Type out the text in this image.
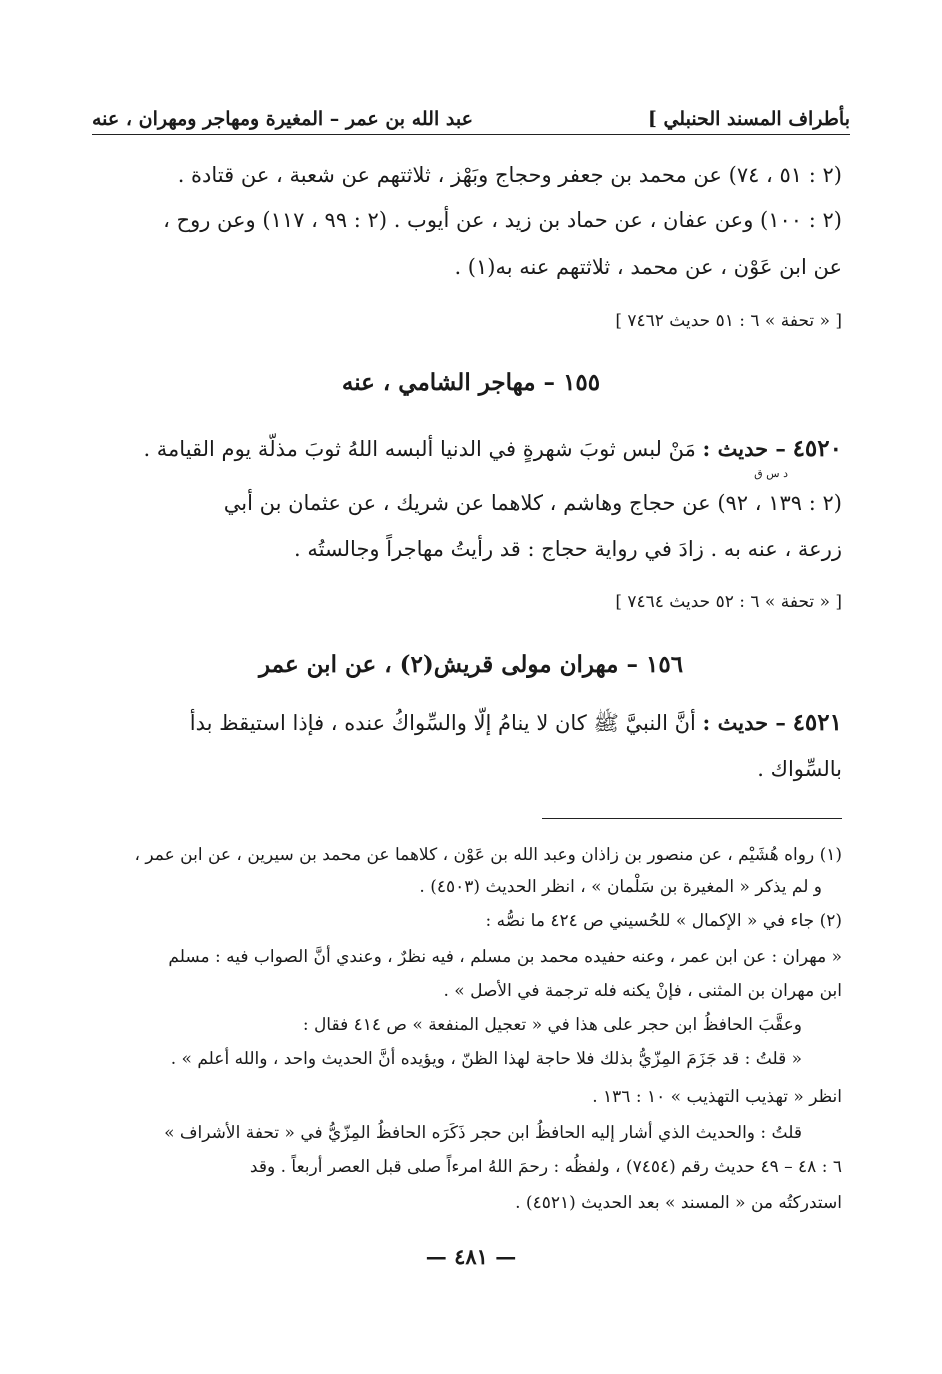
بأطراف المسند الحنبلي ]
عبد الله بن عمر – المغيرة ومهاجر ومهران ، عنه
(٢ : ٥١ ، ٧٤) عن محمد بن جعفر وحجاج وبَهْز ، ثلاثتهم عن شعبة ، عن قتادة .
(٢ : ١٠٠) وعن عفان ، عن حماد بن زيد ، عن أيوب . (٢ : ٩٩ ، ١١٧) وعن روح ،
عن ابن عَوْن ، عن محمد ، ثلاثتهم عنه به(١) .
[ « تحفة » ٦ : ٥١ حديث ٧٤٦٢ ]
١٥٥ – مهاجر الشامي ، عنه
٤٥٢٠ – حديث : مَنْ لبس ثوبَ شهرةٍ في الدنيا ألبسه اللهُ ثوبَ مذلّة يوم القيامة .
د س ق
(٢ : ١٣٩ ، ٩٢) عن حجاج وهاشم ، كلاهما عن شريك ، عن عثمان بن أبي
زرعة ، عنه به . زادَ في رواية حجاج : قد رأيتُ مهاجراً وجالستُه .
[ « تحفة » ٦ : ٥٢ حديث ٧٤٦٤ ]
١٥٦ – مهران مولى قريش(٢) ، عن ابن عمر
٤٥٢١ – حديث : أنَّ النبيَّ ﷺ كان لا ينامُ إلّا والسِّواكُ عنده ، فإذا استيقظ بدأ
بالسِّواك .
(١) رواه هُشَيْم ، عن منصور بن زاذان وعبد الله بن عَوْن ، كلاهما عن محمد بن سيرين ، عن ابن عمر ،
و لم يذكر « المغيرة بن سَلْمان » ، انظر الحديث (٤٥٠٣) .
(٢) جاء في « الإكمال » للحُسيني ص ٤٢٤ ما نصُّه :
« مهران : عن ابن عمر ، وعنه حفيده محمد بن مسلم ، فيه نظرٌ ، وعندي أنَّ الصواب فيه : مسلم
ابن مهران بن المثنى ، فإنْ يكنه فله ترجمة في الأصل » .
وعقَّبَ الحافظُ ابن حجر على هذا في « تعجيل المنفعة » ص ٤١٤ فقال :
« قلتُ : قد جَزَمَ المِزّيُّ بذلك فلا حاجة لهذا الظنّ ، ويؤيده أنَّ الحديث واحد ، والله أعلم » .
انظر « تهذيب التهذيب » ١٠ : ١٣٦ .
قلتُ : والحديث الذي أشار إليه الحافظُ ابن حجر ذَكَرَه الحافظُ المِزّيُّ في « تحفة الأشراف »
٦ : ٤٨ – ٤٩ حديث رقم (٧٤٥٤) ، ولفظُه : رحمَ اللهُ امرءاً صلى قبل العصر أربعاً . وقد
استدركتُه من « المسند » بعد الحديث (٤٥٢١) .
— ٤٨١ —
